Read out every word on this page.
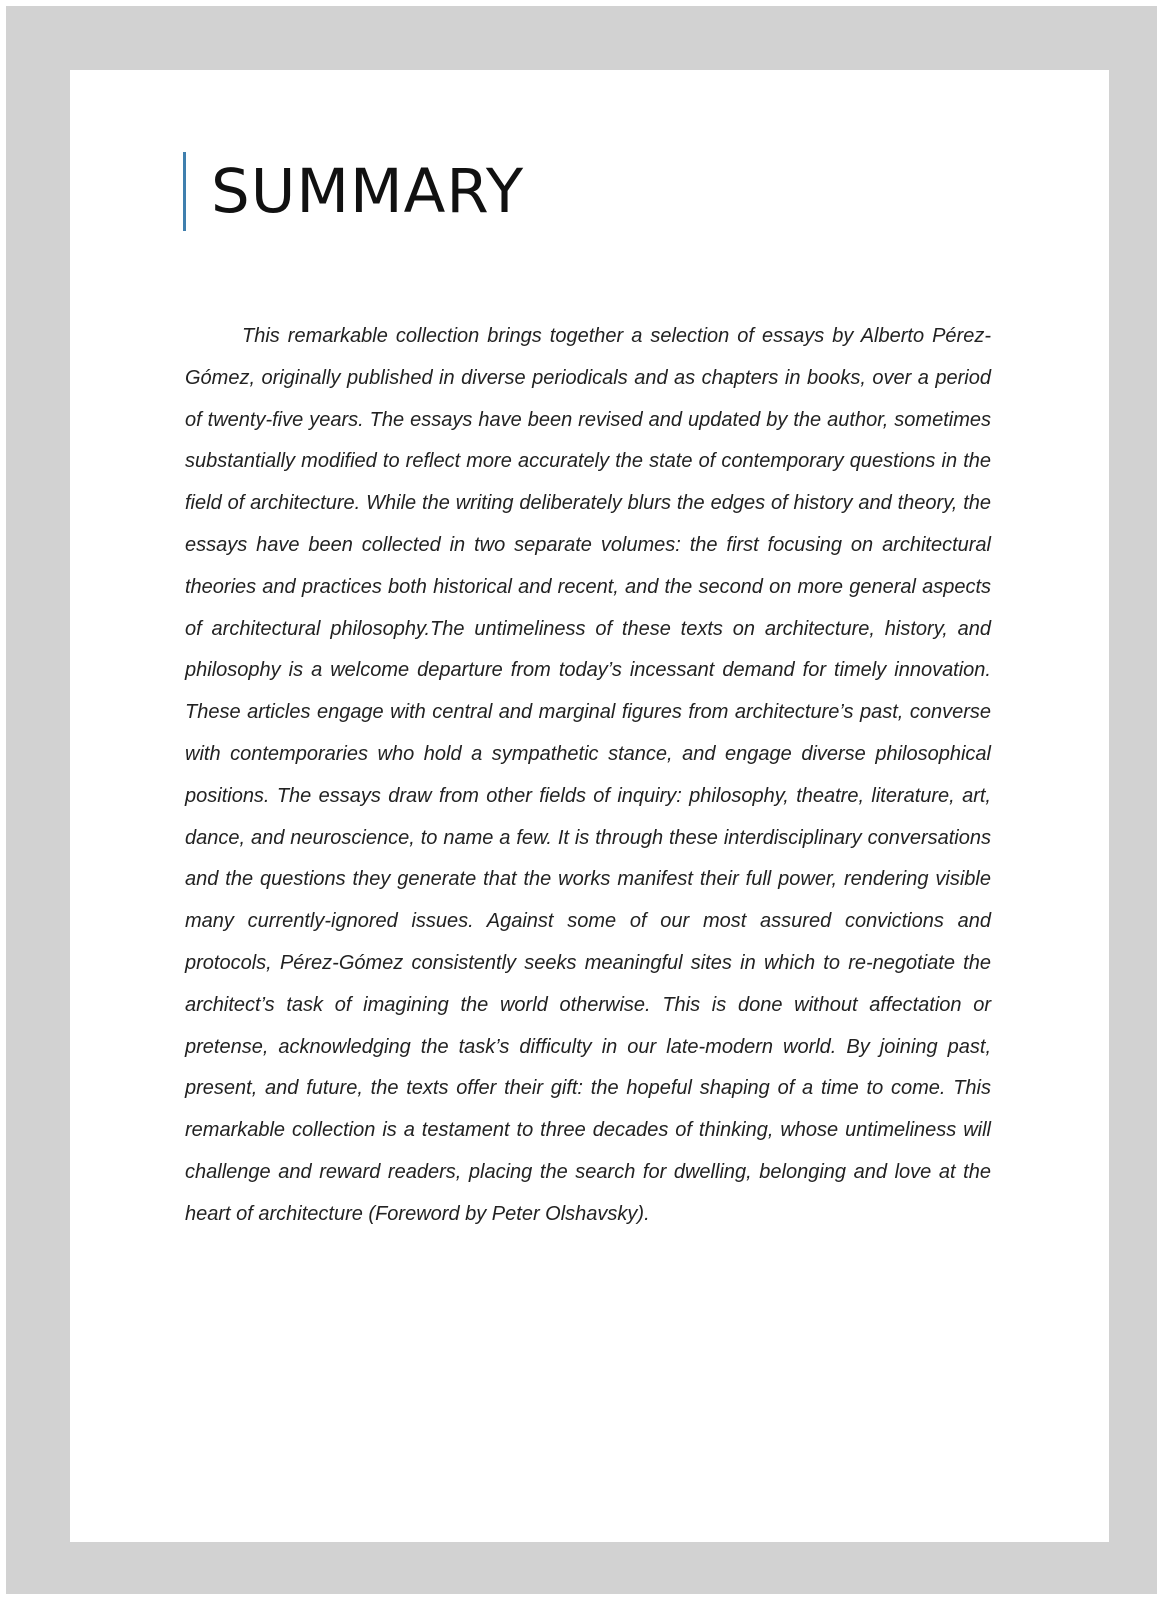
SUMMARY

This remarkable collection brings together a selection of essays by Alberto Pérez-Gómez, originally published in diverse periodicals and as chapters in books, over a period of twenty-five years. The essays have been revised and updated by the author, sometimes substantially modified to reflect more accurately the state of contemporary questions in the field of architecture. While the writing deliberately blurs the edges of history and theory, the essays have been collected in two separate volumes: the first focusing on architectural theories and practices both historical and recent, and the second on more general aspects of architectural philosophy.The untimeliness of these texts on architecture, history, and philosophy is a welcome departure from today’s incessant demand for timely innovation. These articles engage with central and marginal figures from architecture’s past, converse with contemporaries who hold a sympathetic stance, and engage diverse philosophical positions. The essays draw from other fields of inquiry: philosophy, theatre, literature, art, dance, and neuroscience, to name a few. It is through these interdisciplinary conversations and the questions they generate that the works manifest their full power, rendering visible many currently-ignored issues. Against some of our most assured convictions and protocols, Pérez-Gómez consistently seeks meaningful sites in which to re-negotiate the architect’s task of imagining the world otherwise. This is done without affectation or pretense, acknowledging the task’s difficulty in our late-modern world. By joining past, present, and future, the texts offer their gift: the hopeful shaping of a time to come. This remarkable collection is a testament to three decades of thinking, whose untimeliness will challenge and reward readers, placing the search for dwelling, belonging and love at the heart of architecture (Foreword by Peter Olshavsky).
